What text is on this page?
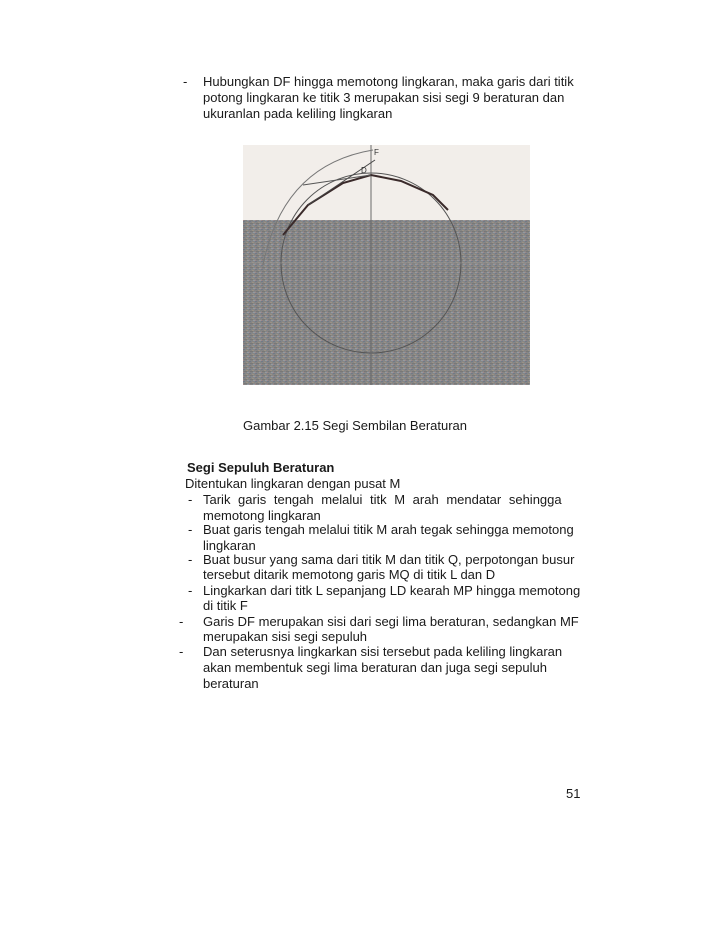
- Hubungkan DF hingga memotong lingkaran, maka garis dari titik
potong lingkaran ke titik 3 merupakan sisi segi 9 beraturan dan
ukuranlan pada keliling lingkaran
F
D
Gambar 2.15 Segi Sembilan Beraturan
Segi Sepuluh Beraturan
Ditentukan lingkaran dengan pusat M
- Tarik garis tengah melalui titk M arah mendatar sehingga
memotong lingkaran
- Buat garis tengah melalui titik M arah tegak sehingga memotong
lingkaran
- Buat busur yang sama dari titik M dan titik Q, perpotongan busur
tersebut ditarik memotong garis MQ di titik L dan D
- Lingkarkan dari titk L sepanjang LD kearah MP hingga memotong
di titik F
- Garis DF merupakan sisi dari segi lima beraturan, sedangkan MF
merupakan sisi segi sepuluh
- Dan seterusnya lingkarkan sisi tersebut pada keliling lingkaran
akan membentuk segi lima beraturan dan juga segi sepuluh
beraturan
51
